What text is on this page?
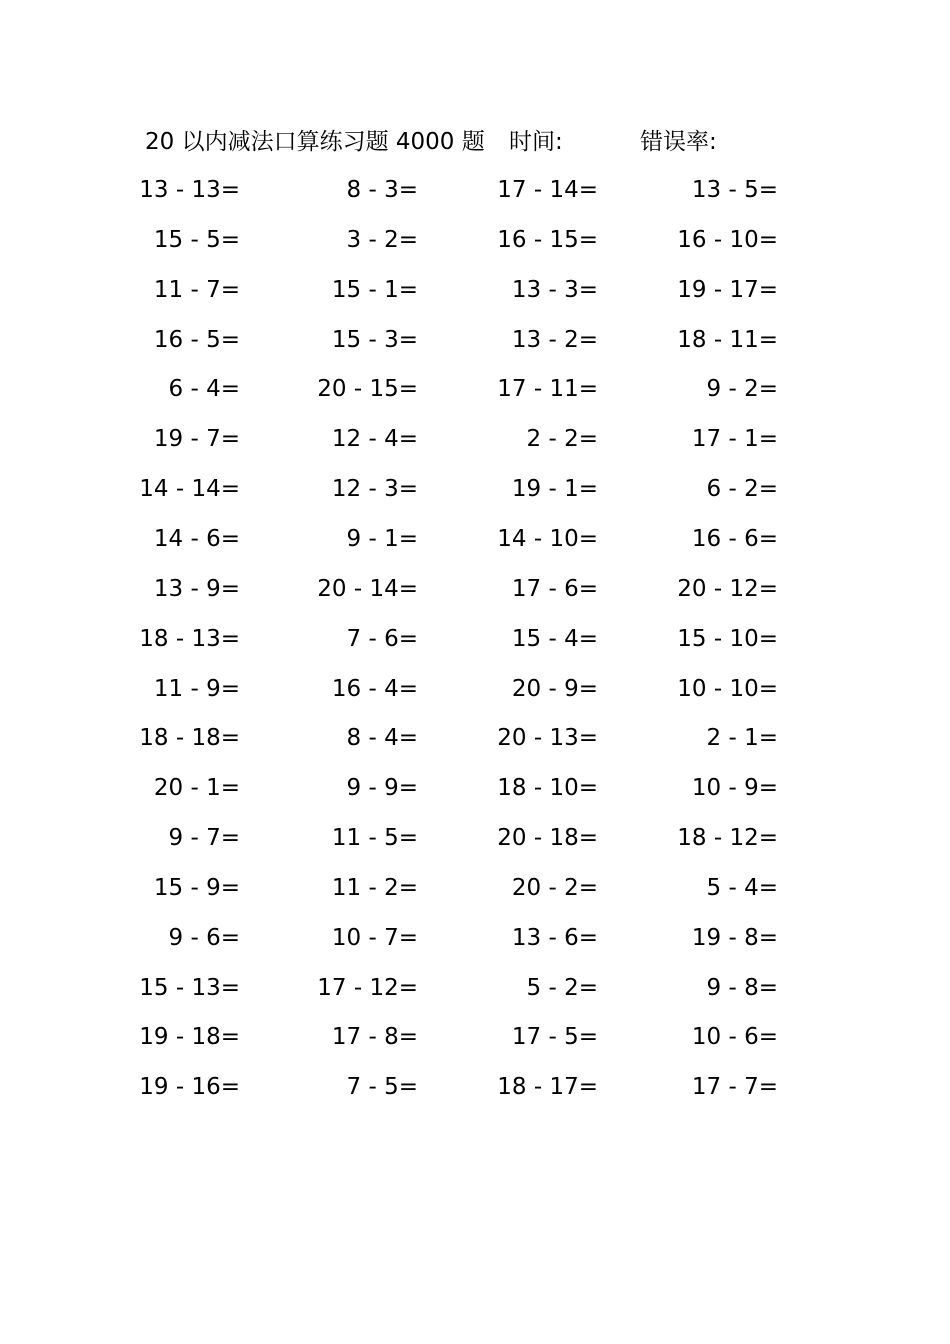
20 以内减法口算练习题 4000 题 时间:	错误率:
13 - 13=	8 - 3=	17 - 14=	13 - 5=
15 - 5=	3 - 2=	16 - 15=	16 - 10=
11 - 7=	15 - 1=	13 - 3=	19 - 17=
16 - 5=	15 - 3=	13 - 2=	18 - 11=
6 - 4=	20 - 15=	17 - 11=	9 - 2=
19 - 7=	12 - 4=	2 - 2=	17 - 1=
14 - 14=	12 - 3=	19 - 1=	6 - 2=
14 - 6=	9 - 1=	14 - 10=	16 - 6=
13 - 9=	20 - 14=	17 - 6=	20 - 12=
18 - 13=	7 - 6=	15 - 4=	15 - 10=
11 - 9=	16 - 4=	20 - 9=	10 - 10=
18 - 18=	8 - 4=	20 - 13=	2 - 1=
20 - 1=	9 - 9=	18 - 10=	10 - 9=
9 - 7=	11 - 5=	20 - 18=	18 - 12=
15 - 9=	11 - 2=	20 - 2=	5 - 4=
9 - 6=	10 - 7=	13 - 6=	19 - 8=
15 - 13=	17 - 12=	5 - 2=	9 - 8=
19 - 18=	17 - 8=	17 - 5=	10 - 6=
19 - 16=	7 - 5=	18 - 17=	17 - 7=
